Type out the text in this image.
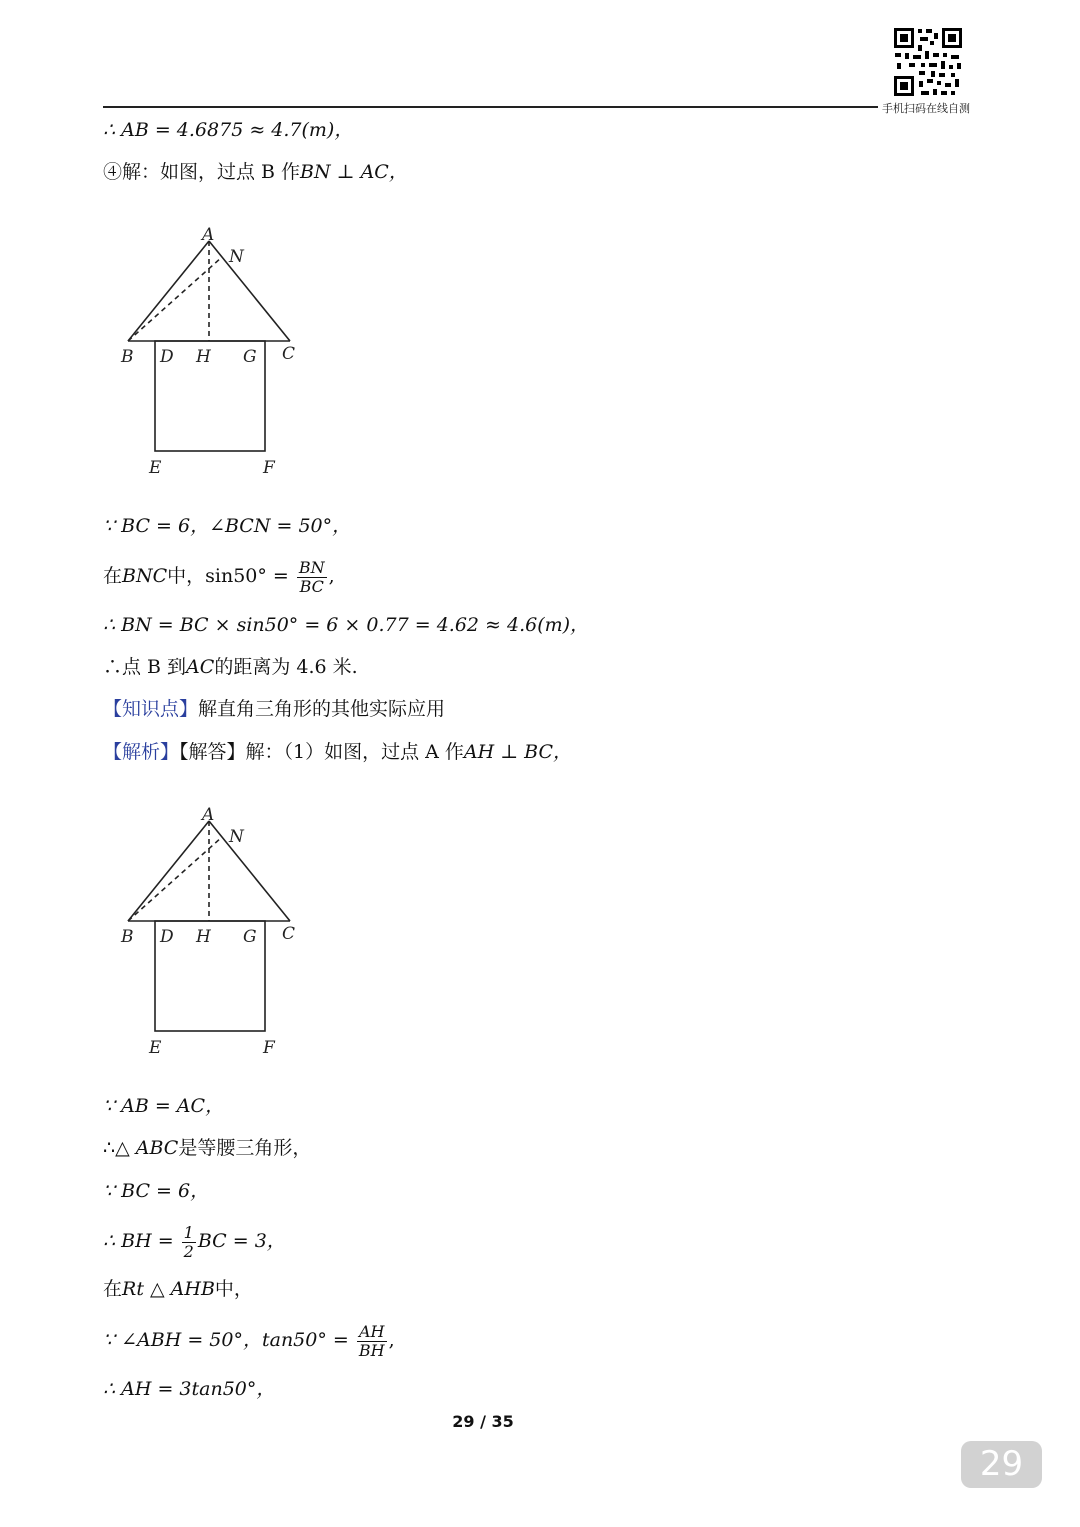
手机扫码在线自测
∴ AB = 4.6875 ≈ 4.7(m)，
④解：如图，过点 B 作BN ⊥ AC，
A
N
B D H G C
E	F
∵ BC = 6，∠BCN = 50°，
在BNC中，$\sin 50^\circ = \frac{BN}{BC}$ ,
∴ BN = BC × sin50° = 6 × 0.77 = 4.62 ≈ 4.6(m)，
∴点 B 到AC的距离为 4.6 米.
【知识点】解直角三角形的其他实际应用
【解析】【解答】解：（1）如图，过点 A 作AH ⊥ BC，
A
N
B D H G C
E	F
∵ AB = AC，
∴△ ABC是等腰三角形，
∵ BC = 6，
∴ BH = $\frac{1}{2}$ BC = 3，
在Rt △ AHB中，
∵ ∠ABH = 50°，$\tan 50^\circ = \frac{AH}{BH}$ ,
∴ AH = 3tan50°，
29 / 35
29
